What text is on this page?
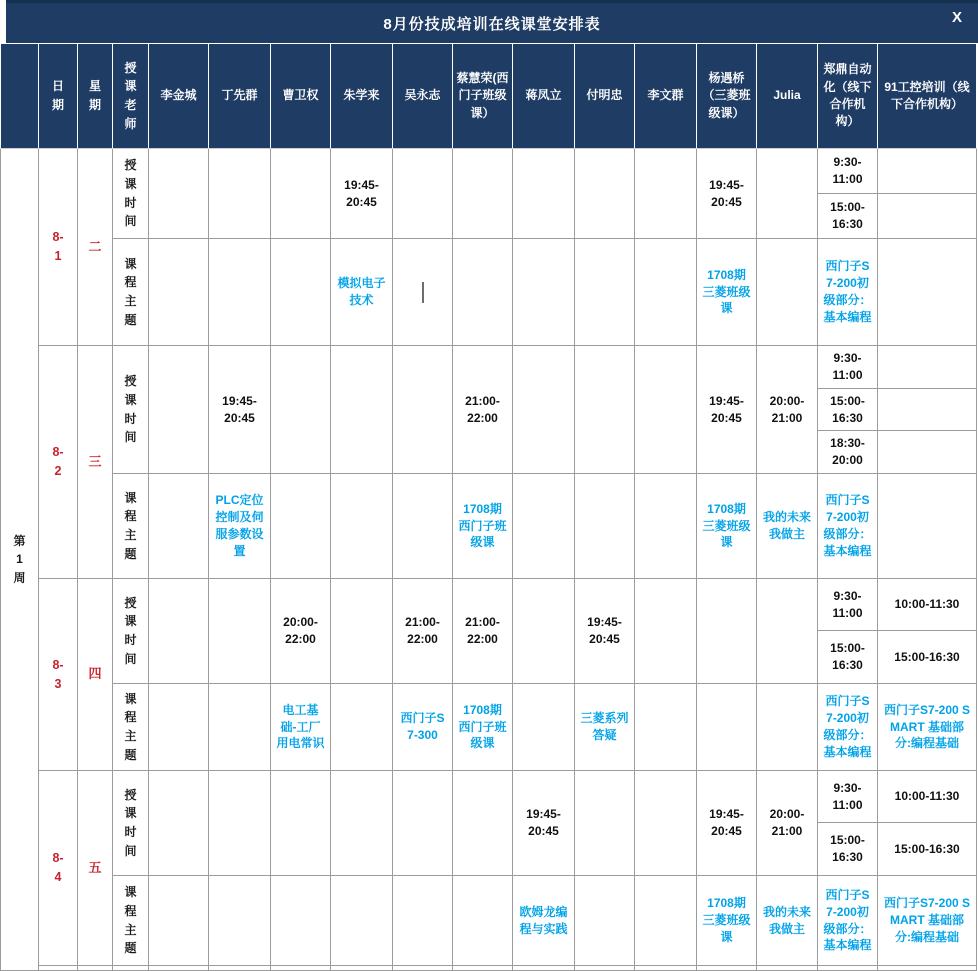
8月份技成培训在线课堂安排表	X
	日期	星期	授课老师	李金城	丁先群	曹卫权	朱学来	吴永志	蔡慧荣(西门子班级课）	蒋凤立	付明忠	李文群	杨遇桥（三菱班级课）	Julia	郑鼎自动化（线下合作机构）	91工控培训（线下合作机构）
第1周	8-1	二	授课时间				19:45-20:45						19:45-20:45		9:30-11:00	
															15:00-16:30	
			课程主题				模拟电子技术						1708期三菱班级课		西门子S7-200初级部分：基本编程	
	8-2	三	授课时间		19:45-20:45				21:00-22:00				19:45-20:45	20:00-21:00	9:30-11:00	
															15:00-16:30	
															18:30-20:00	
			课程主题		PLC定位控制及伺服参数设置				1708期西门子班级课				1708期三菱班级课	我的未来我做主	西门子S7-200初级部分：基本编程	
	8-3	四	授课时间			20:00-22:00		21:00-22:00	21:00-22:00		19:45-20:45				9:30-11:00	10:00-11:30
															15:00-16:30	15:00-16:30
			课程主题			电工基础-工厂用电常识		西门子S7-300	1708期西门子班级课		三菱系列答疑				西门子S7-200初级部分：基本编程	西门子S7-200 SMART 基础部分:编程基础
	8-4	五	授课时间							19:45-20:45			19:45-20:45	20:00-21:00	9:30-11:00	10:00-11:30
															15:00-16:30	15:00-16:30
			课程主题							欧姆龙编程与实践			1708期三菱班级课	我的未来我做主	西门子S7-200初级部分：基本编程	西门子S7-200 SMART 基础部分:编程基础
